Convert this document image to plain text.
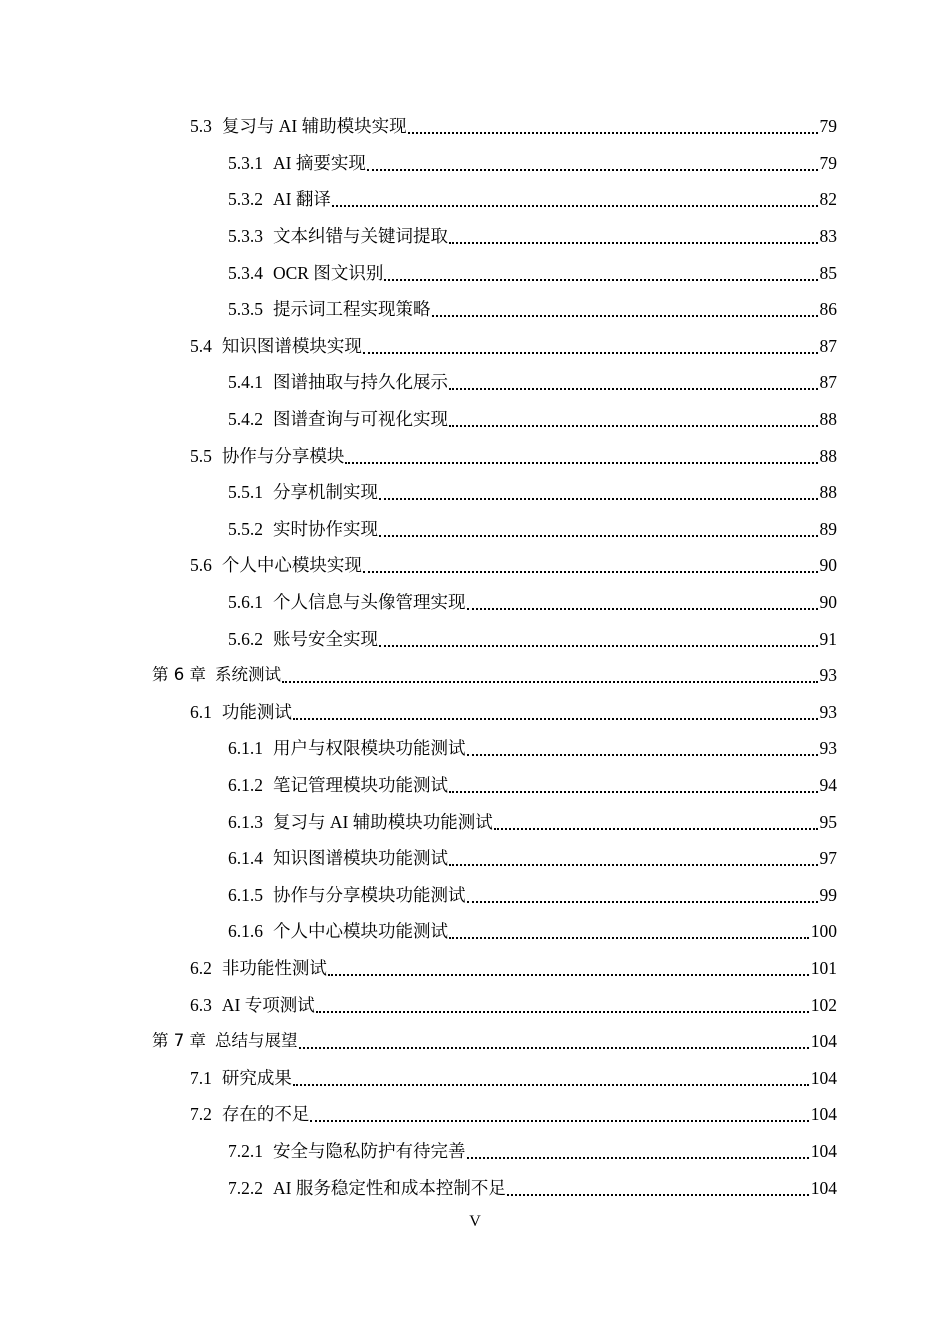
5.3 复习与 AI 辅助模块实现	79
5.3.1 AI 摘要实现	79
5.3.2 AI 翻译	82
5.3.3 文本纠错与关键词提取	83
5.3.4 OCR 图文识别	85
5.3.5 提示词工程实现策略	86
5.4 知识图谱模块实现	87
5.4.1 图谱抽取与持久化展示	87
5.4.2 图谱查询与可视化实现	88
5.5 协作与分享模块	88
5.5.1 分享机制实现	88
5.5.2 实时协作实现	89
5.6 个人中心模块实现	90
5.6.1 个人信息与头像管理实现	90
5.6.2 账号安全实现	91
第 6 章 系统测试	93
6.1 功能测试	93
6.1.1 用户与权限模块功能测试	93
6.1.2 笔记管理模块功能测试	94
6.1.3 复习与 AI 辅助模块功能测试	95
6.1.4 知识图谱模块功能测试	97
6.1.5 协作与分享模块功能测试	99
6.1.6 个人中心模块功能测试	100
6.2 非功能性测试	101
6.3 AI 专项测试	102
第 7 章 总结与展望	104
7.1 研究成果	104
7.2 存在的不足	104
7.2.1 安全与隐私防护有待完善	104
7.2.2 AI 服务稳定性和成本控制不足	104
V
